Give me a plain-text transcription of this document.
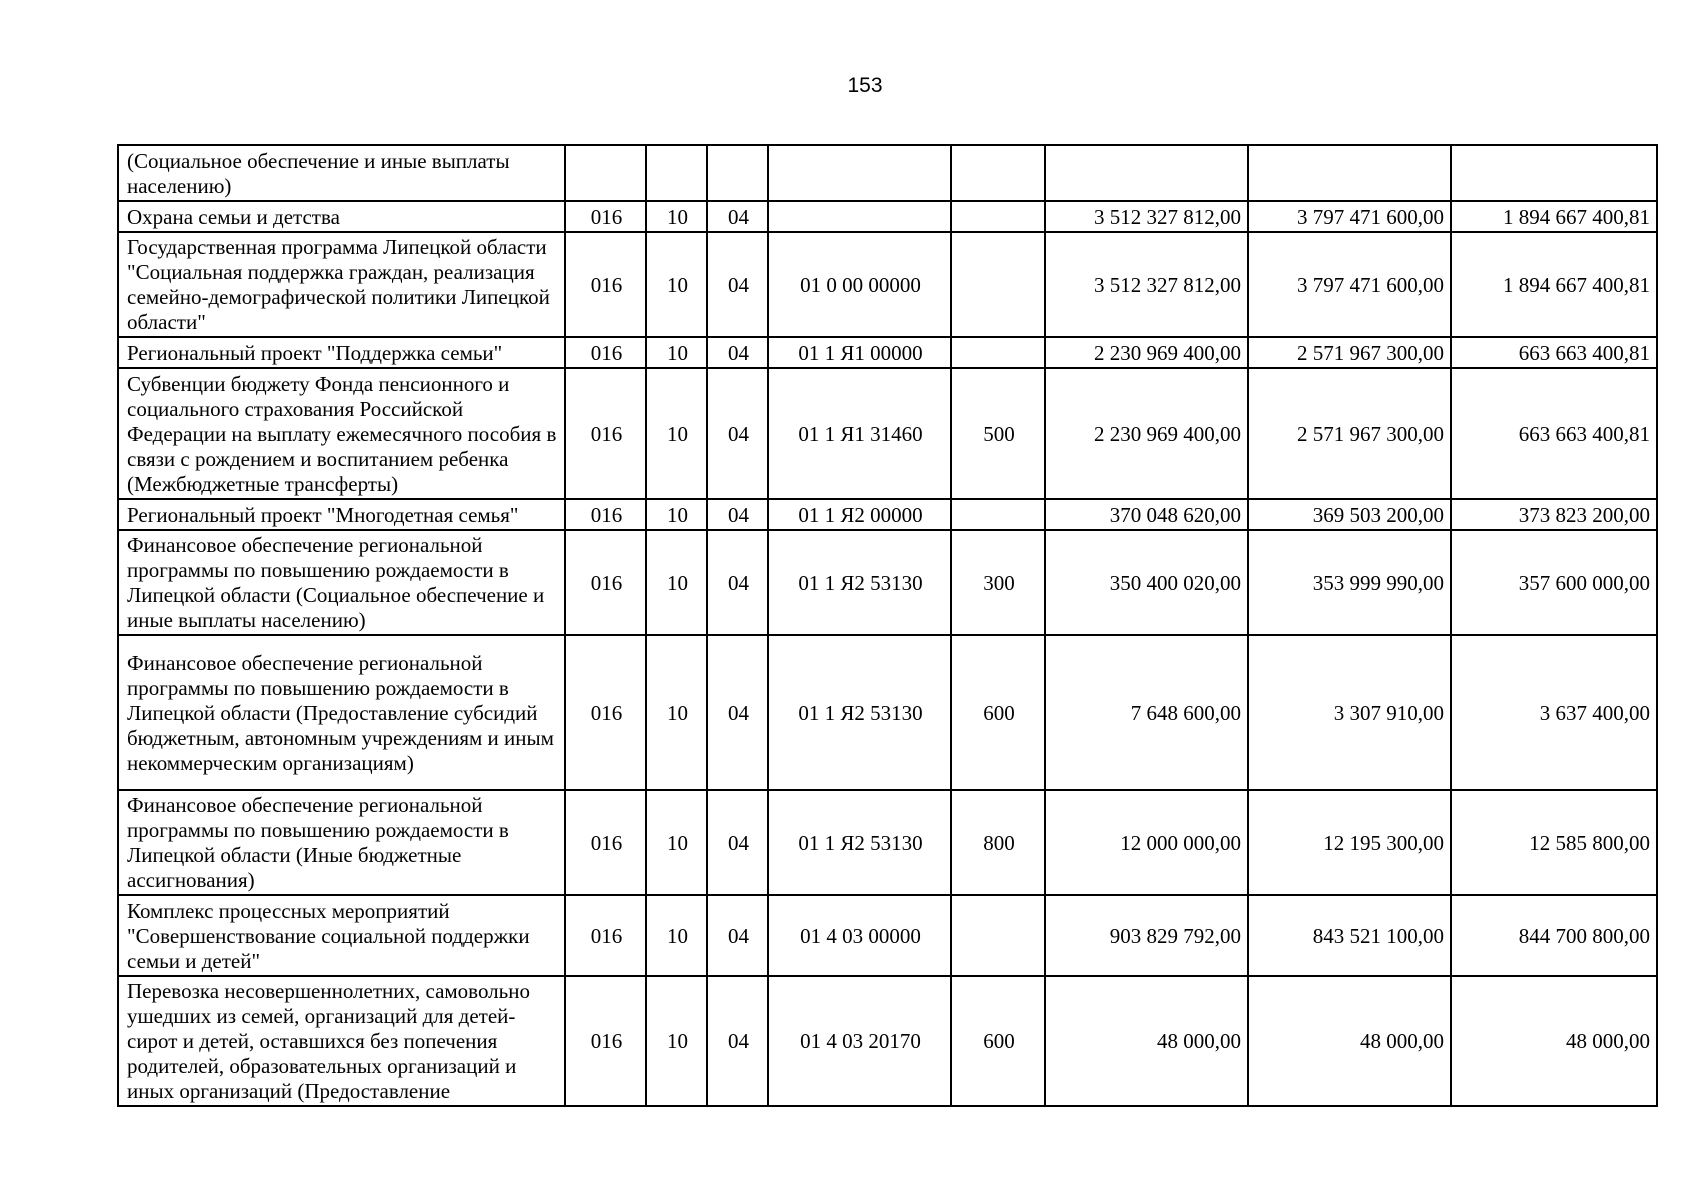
153
(Социальное обеспечение и иные выплаты населению)								
Охрана семьи и детства	016	10	04			3 512 327 812,00	3 797 471 600,00	1 894 667 400,81
Государственная программа Липецкой области "Социальная поддержка граждан, реализация семейно-демографической политики Липецкой области"	016	10	04	01 0 00 00000		3 512 327 812,00	3 797 471 600,00	1 894 667 400,81
Региональный проект "Поддержка семьи"	016	10	04	01 1 Я1 00000		2 230 969 400,00	2 571 967 300,00	663 663 400,81
Субвенции бюджету Фонда пенсионного и социального страхования Российской Федерации на выплату ежемесячного пособия в связи с рождением и воспитанием ребенка (Межбюджетные трансферты)	016	10	04	01 1 Я1 31460	500	2 230 969 400,00	2 571 967 300,00	663 663 400,81
Региональный проект "Многодетная семья"	016	10	04	01 1 Я2 00000		370 048 620,00	369 503 200,00	373 823 200,00
Финансовое обеспечение региональной программы по повышению рождаемости в Липецкой области (Социальное обеспечение и иные выплаты населению)	016	10	04	01 1 Я2 53130	300	350 400 020,00	353 999 990,00	357 600 000,00
Финансовое обеспечение региональной программы по повышению рождаемости в Липецкой области (Предоставление субсидий бюджетным, автономным учреждениям и иным некоммерческим организациям)	016	10	04	01 1 Я2 53130	600	7 648 600,00	3 307 910,00	3 637 400,00
Финансовое обеспечение региональной программы по повышению рождаемости в Липецкой области (Иные бюджетные ассигнования)	016	10	04	01 1 Я2 53130	800	12 000 000,00	12 195 300,00	12 585 800,00
Комплекс процессных мероприятий "Совершенствование социальной поддержки семьи и детей"	016	10	04	01 4 03 00000		903 829 792,00	843 521 100,00	844 700 800,00
Перевозка несовершеннолетних, самовольно ушедших из семей, организаций для детей-сирот и детей, оставшихся без попечения родителей, образовательных организаций и иных организаций (Предоставление	016	10	04	01 4 03 20170	600	48 000,00	48 000,00	48 000,00
